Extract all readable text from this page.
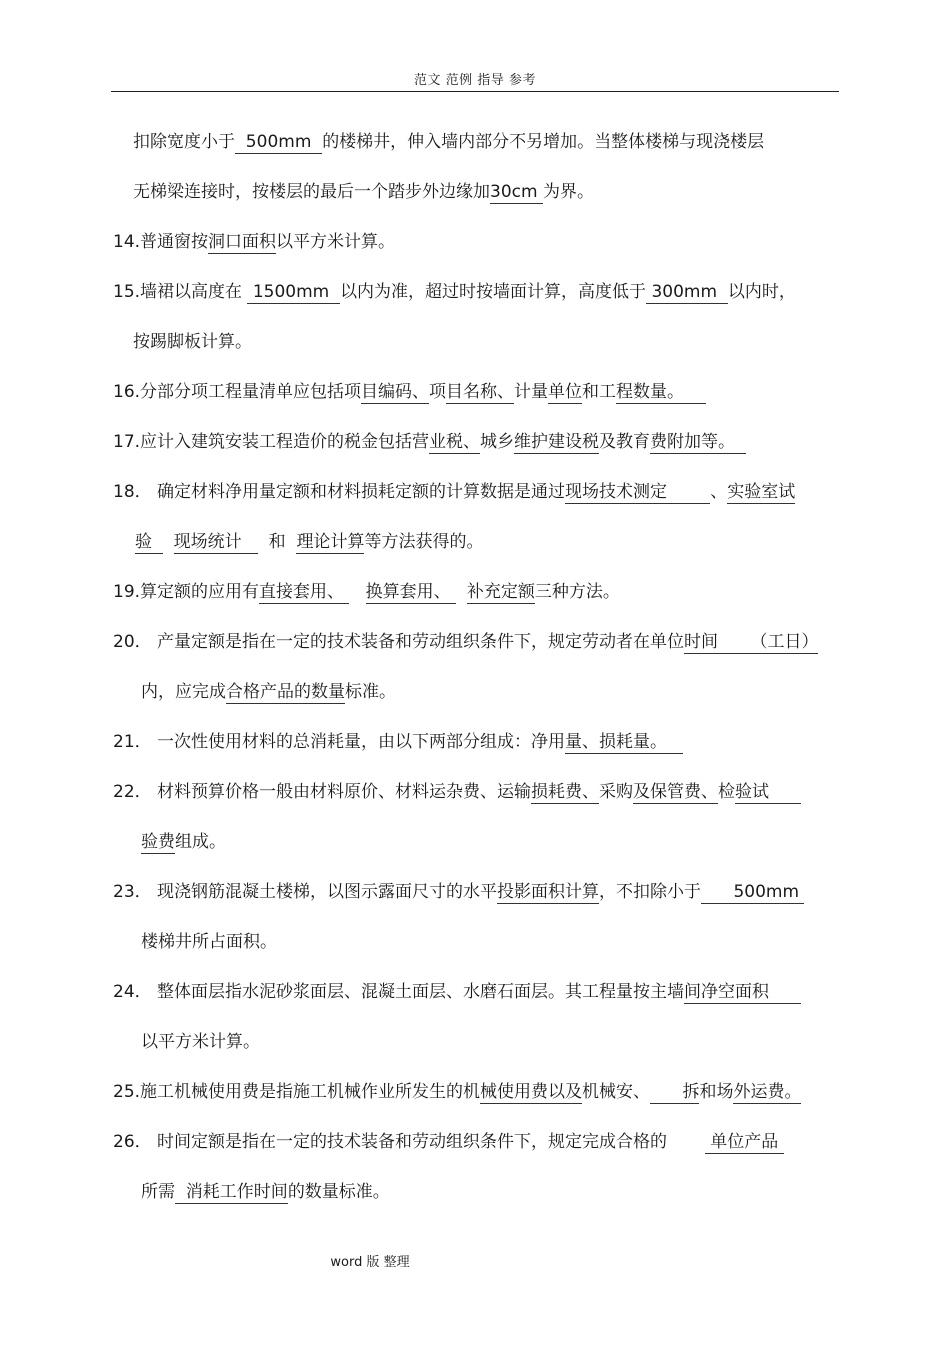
范文 范例 指导 参考
扣除宽度小于  500mm  的楼梯井，伸入墙内部分不另增加。当整体楼梯与现浇楼层
无梯梁连接时，按楼层的最后一个踏步外边缘加30cm 为界。
14.普通窗按洞口面积以平方米计算。
15.墙裙以高度在  1500mm  以内为准，超过时按墙面计算，高度低于 300mm  以内时，
按踢脚板计算。
16.分部分项工程量清单应包括项目编码、项目名称、计量单位和工程数量。
17.应计入建筑安装工程造价的税金包括营业税、城乡维护建设税及教育费附加等。
18． 确定材料净用量定额和材料损耗定额的计算数据是通过现场技术测定        、实验室试
验    现场统计     和  理论计算等方法获得的。
19.算定额的应用有直接套用、    换算套用、   补充定额三种方法。
20． 产量定额是指在一定的技术装备和劳动组织条件下，规定劳动者在单位时间      （工日）
内，应完成合格产品的数量标准。
21． 一次性使用材料的总消耗量，由以下两部分组成：净用量、损耗量。
22． 材料预算价格一般由材料原价、材料运杂费、运输损耗费、采购及保管费、检验试
验费组成。
23． 现浇钢筋混凝土楼梯，以图示露面尺寸的水平投影面积计算，不扣除小于      500mm
楼梯井所占面积。
24． 整体面层指水泥砂浆面层、混凝土面层、水磨石面层。其工程量按主墙间净空面积
以平方米计算。
25.施工机械使用费是指施工机械作业所发生的机械使用费以及机械安、      拆和场外运费。
26． 时间定额是指在一定的技术装备和劳动组织条件下，规定完成合格的        单位产品
所需  消耗工作时间的数量标准。
word 版 整理
